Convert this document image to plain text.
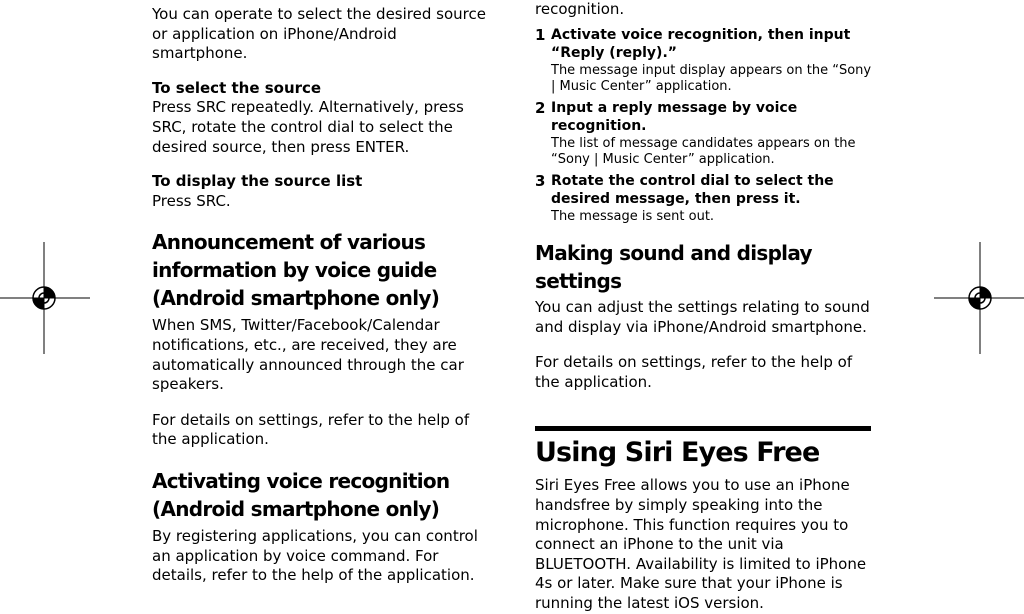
You can operate to select the desired source or application on iPhone/Android smartphone.

To select the source

Press SRC repeatedly. Alternatively, press SRC, rotate the control dial to select the desired source, then press ENTER.

To display the source list

Press SRC.

Announcement of various information by voice guide (Android smartphone only)

When SMS, Twitter/Facebook/Calendar notifications, etc., are received, they are automatically announced through the car speakers.

For details on settings, refer to the help of the application.

Activating voice recognition (Android smartphone only)

By registering applications, you can control an application by voice command. For details, refer to the help of the application.

recognition.

1 Activate voice recognition, then input “Reply (reply).”

The message input display appears on the “Sony | Music Center” application.

2 Input a reply message by voice recognition.

The list of message candidates appears on the “Sony | Music Center” application.

3 Rotate the control dial to select the desired message, then press it.

The message is sent out.

Making sound and display settings

You can adjust the settings relating to sound and display via iPhone/Android smartphone.

For details on settings, refer to the help of the application.

Using Siri Eyes Free

Siri Eyes Free allows you to use an iPhone handsfree by simply speaking into the microphone. This function requires you to connect an iPhone to the unit via BLUETOOTH. Availability is limited to iPhone 4s or later. Make sure that your iPhone is running the latest iOS version.
